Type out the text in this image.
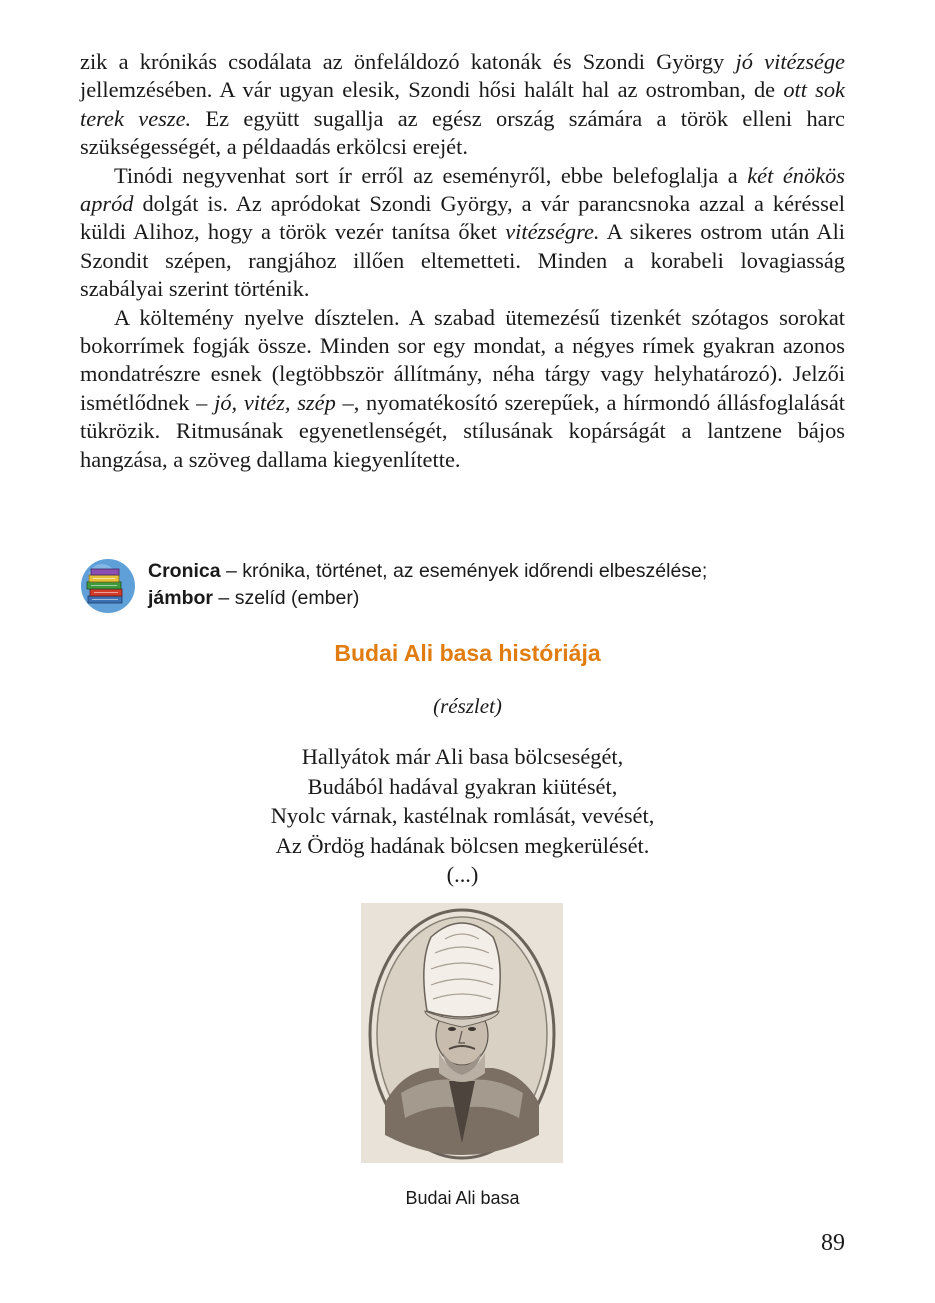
zik a krónikás csodálata az önfeláldozó katonák és Szondi György jó vitézsége jellemzésében. A vár ugyan elesik, Szondi hősi halált hal az ostromban, de ott sok terek vesze. Ez együtt sugallja az egész ország számára a török elleni harc szükségességét, a példaadás erkölcsi erejét.

Tinódi negyvenhat sort ír erről az eseményről, ebbe belefoglalja a két énökös apród dolgát is. Az apródokat Szondi György, a vár parancsnoka azzal a kéréssel küldi Alihoz, hogy a török vezér tanítsa őket vitézségre. A sikeres ostrom után Ali Szondit szépen, rangjához illően eltemetteti. Minden a korabeli lovagiasság szabályai szerint történik.

A költemény nyelve dísztelen. A szabad ütemezésű tizenkét szótagos sorokat bokorrímek fogják össze. Minden sor egy mondat, a négyes rímek gyakran azonos mondatrészre esnek (legtöbbször állítmány, néha tárgy vagy helyhatározó). Jelzői ismétlődnek – jó, vitéz, szép –, nyomatékosító szerepűek, a hírmondó állásfoglalását tükrözik. Ritmusának egyenetlenségét, stílusának kopárságát a lantzene bájos hangzása, a szöveg dallama kiegyenlítette.

Cronica – krónika, történet, az események időrendi elbeszélése;
jámbor – szelíd (ember)
Budai Ali basa históriája
(részlet)
Hallyátok már Ali basa bölcseségét,
Budából hadával gyakran kiütését,
Nyolc várnak, kastélnak romlását, vevését,
Az Ördög hadának bölcsen megkerülését.
(...)
Budai Ali basa
89
